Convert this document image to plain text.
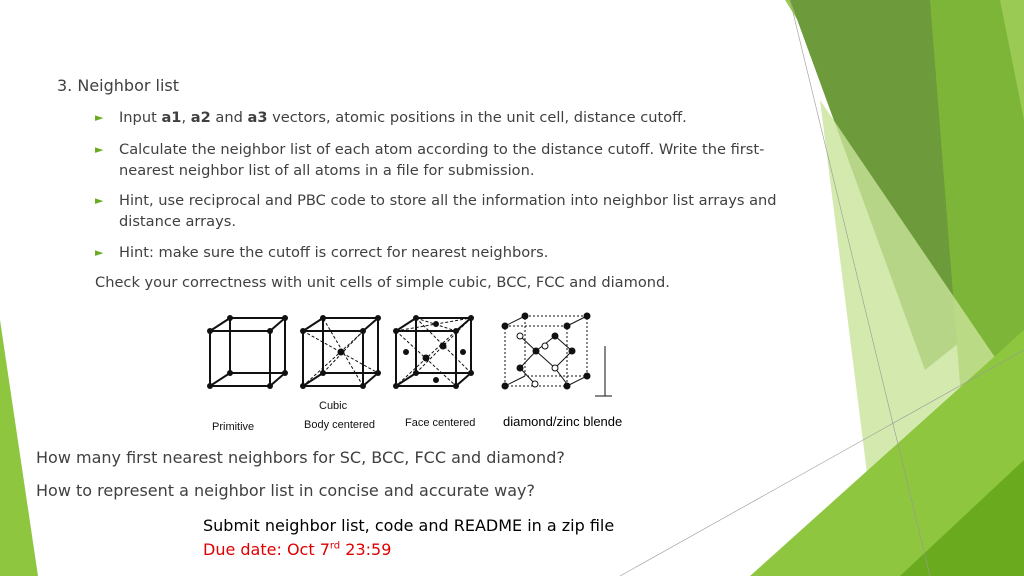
3. Neighbor list
► Input a1, a2 and a3 vectors, atomic positions in the unit cell, distance cutoff.
► Calculate the neighbor list of each atom according to the distance cutoff. Write the first-nearest neighbor list of all atoms in a file for submission.
► Hint, use reciprocal and PBC code to store all the information into neighbor list arrays and distance arrays.
► Hint: make sure the cutoff is correct for nearest neighbors.
Check your correctness with unit cells of simple cubic, BCC, FCC and diamond.
Cubic
Primitive	Body centered	Face centered diamond/zinc blende
How many first nearest neighbors for SC, BCC, FCC and diamond?
How to represent a neighbor list in concise and accurate way?
Submit neighbor list, code and README in a zip file
Due date: Oct 7rd 23:59
